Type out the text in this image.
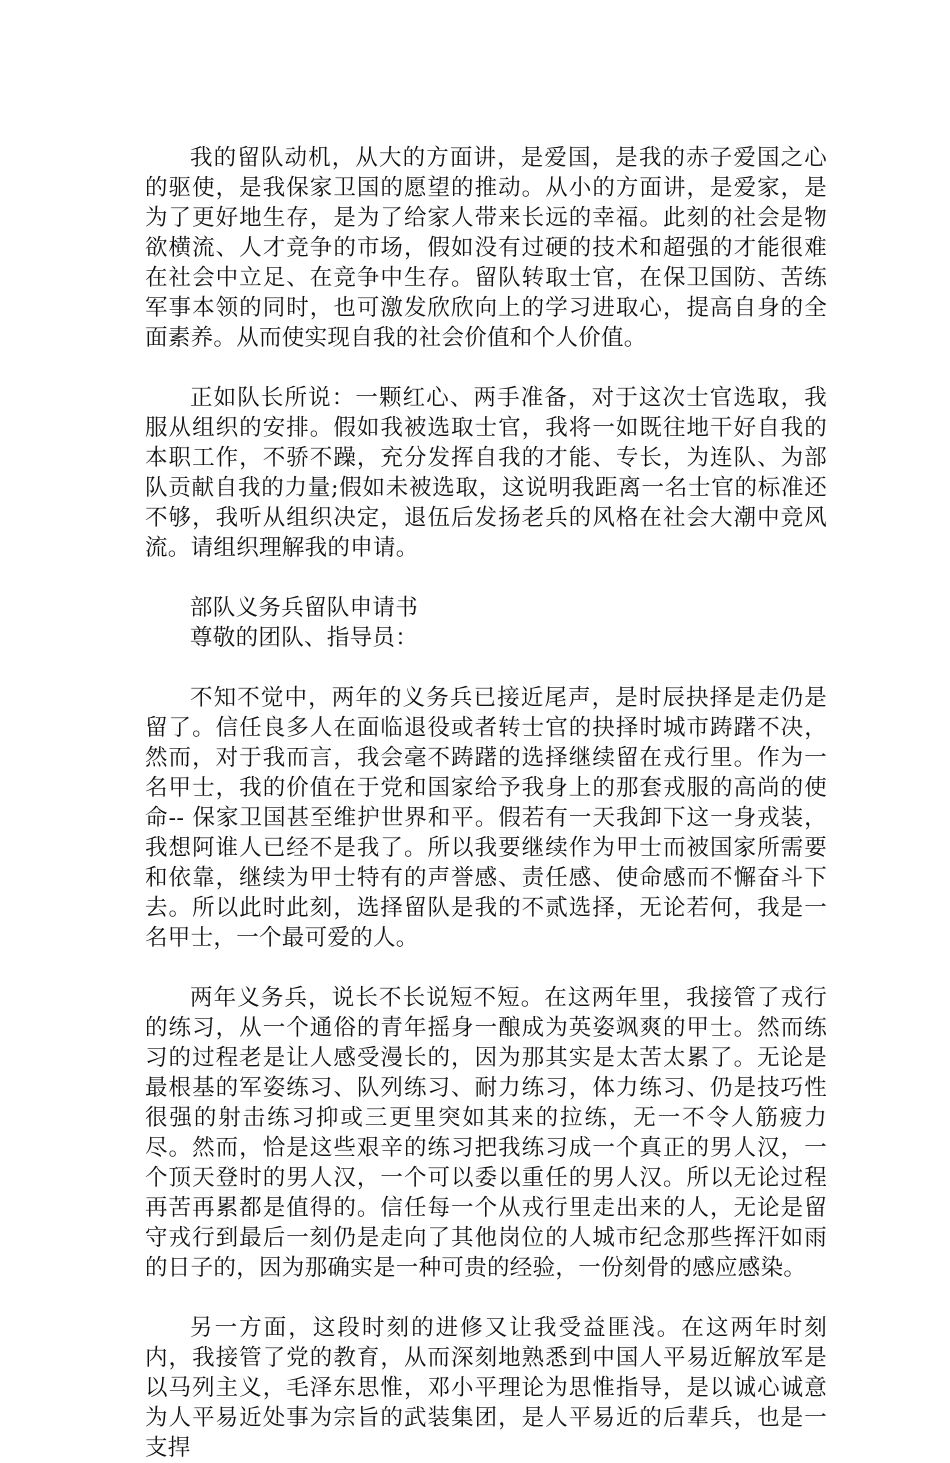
我的留队动机，从大的方面讲，是爱国，是我的赤子爱国之心的驱使，是我保家卫国的愿望的推动。从小的方面讲，是爱家，是为了更好地生存，是为了给家人带来长远的幸福。此刻的社会是物欲横流、人才竞争的市场，假如没有过硬的技术和超强的才能很难在社会中立足、在竞争中生存。留队转取士官，在保卫国防、苦练军事本领的同时，也可激发欣欣向上的学习进取心，提高自身的全面素养。从而使实现自我的社会价值和个人价值。

正如队长所说：一颗红心、两手准备，对于这次士官选取，我服从组织的安排。假如我被选取士官，我将一如既往地干好自我的本职工作，不骄不躁，充分发挥自我的才能、专长，为连队、为部队贡献自我的力量;假如未被选取，这说明我距离一名士官的标准还不够，我听从组织决定，退伍后发扬老兵的风格在社会大潮中竞风流。请组织理解我的申请。

部队义务兵留队申请书

尊敬的团队、指导员：

不知不觉中，两年的义务兵已接近尾声，是时辰抉择是走仍是留了。信任良多人在面临退役或者转士官的抉择时城市踌躇不决，然而，对于我而言，我会毫不踌躇的选择继续留在戎行里。作为一名甲士，我的价值在于党和国家给予我身上的那套戎服的高尚的使命-- 保家卫国甚至维护世界和平。假若有一天我卸下这一身戎装，我想阿谁人已经不是我了。所以我要继续作为甲士而被国家所需要和依靠，继续为甲士特有的声誉感、责任感、使命感而不懈奋斗下去。所以此时此刻，选择留队是我的不贰选择，无论若何，我是一名甲士，一个最可爱的人。

两年义务兵，说长不长说短不短。在这两年里，我接管了戎行的练习，从一个通俗的青年摇身一酿成为英姿飒爽的甲士。然而练习的过程老是让人感受漫长的，因为那其实是太苦太累了。无论是最根基的军姿练习、队列练习、耐力练习，体力练习、仍是技巧性很强的射击练习抑或三更里突如其来的拉练，无一不令人筋疲力尽。然而，恰是这些艰辛的练习把我练习成一个真正的男人汉，一个顶天登时的男人汉，一个可以委以重任的男人汉。所以无论过程再苦再累都是值得的。信任每一个从戎行里走出来的人，无论是留守戎行到最后一刻仍是走向了其他岗位的人城市纪念那些挥汗如雨的日子的，因为那确实是一种可贵的经验，一份刻骨的感应感染。

另一方面，这段时刻的进修又让我受益匪浅。在这两年时刻内，我接管了党的教育，从而深刻地熟悉到中国人平易近解放军是以马列主义，毛泽东思惟，邓小平理论为思惟指导，是以诚心诚意为人平易近处事为宗旨的武装集团，是人平易近的后辈兵，也是一支捍
